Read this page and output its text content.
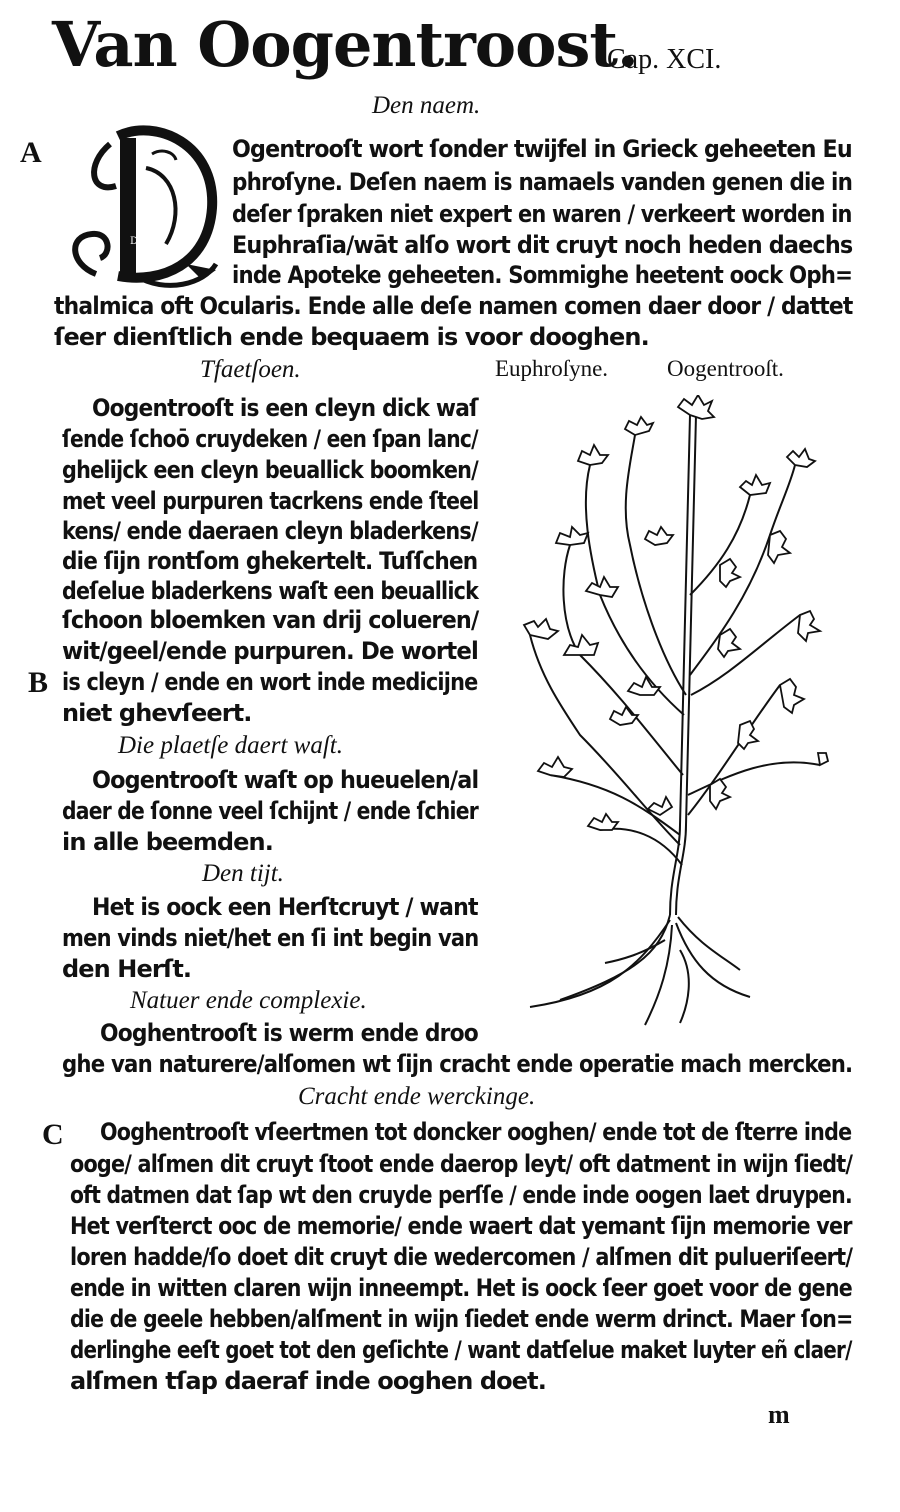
Van Oogentroost.
Cap. XCI.
Den naem.
A
D
Ogentrooſt wort ſonder twijfel in Grieck geheeten Eu
phroſyne. Deſen naem is namaels vanden genen die in
deſer ſpraken niet expert en waren / verkeert worden in
Euphraſia/wāt alſo wort dit cruyt noch heden daechs
inde Apoteke geheeten. Sommighe heetent oock Oph=
thalmica oft Ocularis. Ende alle deſe namen comen daer door / dattet
ſeer dienſtlich ende bequaem is voor dooghen.
Tfaetſoen.	Euphroſyne.	Oogentrooſt.
Oogentrooſt is een cleyn dick waſ
ſende ſchoō cruydeken / een ſpan lanc/
ghelijck een cleyn beuallick boomken/
met veel purpuren tacrkens ende ſteel
kens/ ende daeraen cleyn bladerkens/
die ſijn rontſom ghekertelt. Tuſſchen
deſelue bladerkens waſt een beuallick
ſchoon bloemken van drij colueren/
wit/geel/ende purpuren. De wortel
B is cleyn / ende en wort inde medicijne
niet ghevſeert.
Die plaetſe daert waſt.
Oogentrooſt waſt op hueuelen/al
daer de ſonne veel ſchijnt / ende ſchier
in alle beemden.
Den tijt.
Het is oock een Herſtcruyt / want
men vinds niet/het en ſi int begin van
den Herſt.
Natuer ende complexie.
Ooghentrooſt is werm ende droo
ghe van naturere/alſomen wt ſijn cracht ende operatie mach mercken.
Cracht ende werckinge.
C Ooghentrooſt vſeertmen tot doncker ooghen/ ende tot de ſterre inde
ooge/ alſmen dit cruyt ſtoot ende daerop leyt/ oft datment in wijn ſiedt/
oft datmen dat ſap wt den cruyde perſſe / ende inde oogen laet druypen.
Het verſterct ooc de memorie/ ende waert dat yemant ſijn memorie ver
loren hadde/ſo doet dit cruyt die wedercomen / alſmen dit pulueriſeert/
ende in witten claren wijn inneempt. Het is oock ſeer goet voor de gene
die de geele hebben/alſment in wijn ſiedet ende werm drinct. Maer ſon=
derlinghe eeſt goet tot den geſichte / want datſelue maket luyter eñ claer/
alſmen tſap daeraf inde ooghen doet.
m
